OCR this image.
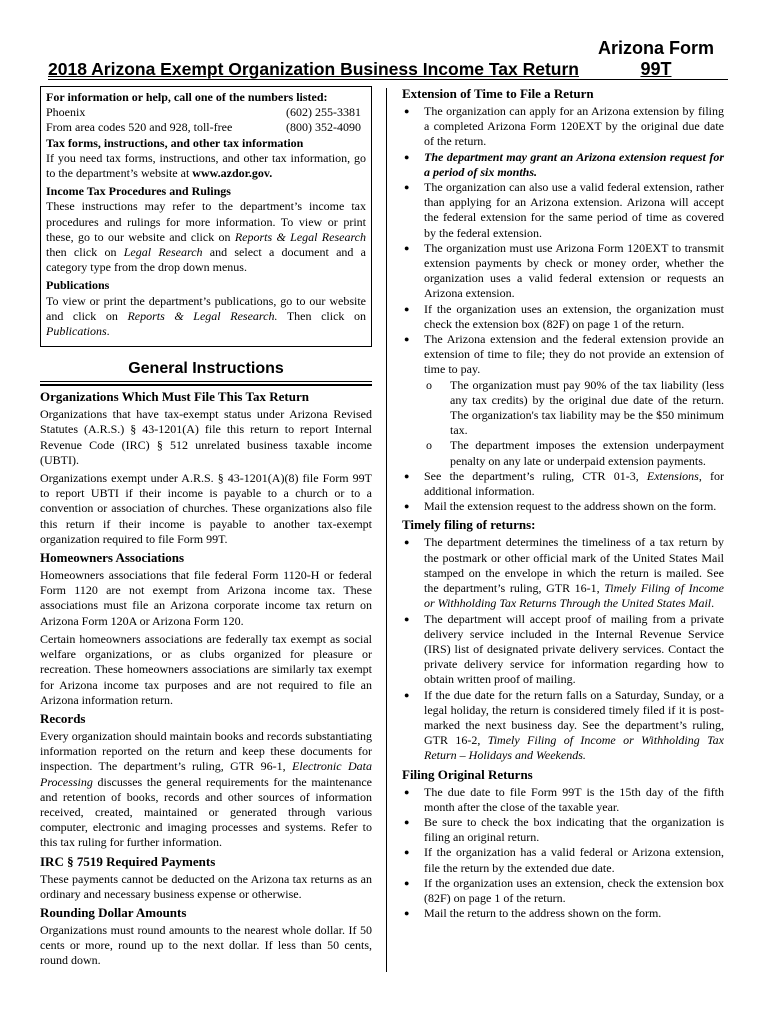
Arizona Form
99T
2018 Arizona Exempt Organization Business Income Tax Return

For information or help, call one of the numbers listed:

Phoenix	(602) 255-3381
From area codes 520 and 928, toll-free	(800) 352-4090

Tax forms, instructions, and other tax information

If you need tax forms, instructions, and other tax information, go to the department’s website at www.azdor.gov.

Income Tax Procedures and Rulings

These instructions may refer to the department’s income tax procedures and rulings for more information. To view or print these, go to our website and click on Reports & Legal Research then click on Legal Research and select a document and a category type from the drop down menus.

Publications

To view or print the department’s publications, go to our website and click on Reports & Legal Research. Then click on Publications.

General Instructions
Organizations Which Must File This Tax Return

Organizations that have tax-exempt status under Arizona Revised Statutes (A.R.S.) § 43-1201(A) file this return to report Internal Revenue Code (IRC) § 512 unrelated business taxable income (UBTI).

Organizations exempt under A.R.S. § 43-1201(A)(8) file Form 99T to report UBTI if their income is payable to a church or to a convention or association of churches. These organizations also file this return if their income is payable to another tax-exempt organization required to file Form 99T.

Homeowners Associations

Homeowners associations that file federal Form 1120-H or federal Form 1120 are not exempt from Arizona income tax. These associations must file an Arizona corporate income tax return on Arizona Form 120A or Arizona Form 120.

Certain homeowners associations are federally tax exempt as social welfare organizations, or as clubs organized for pleasure or recreation. These homeowners associations are similarly tax exempt for Arizona income tax purposes and are not required to file an Arizona information return.

Records

Every organization should maintain books and records substantiating information reported on the return and keep these documents for inspection. The department’s ruling, GTR 96-1, Electronic Data Processing discusses the general requirements for the maintenance and retention of books, records and other sources of information received, created, maintained or generated through various computer, electronic and imaging processes and systems. Refer to this tax ruling for further information.

IRC § 7519 Required Payments

These payments cannot be deducted on the Arizona tax returns as an ordinary and necessary business expense or otherwise.

Rounding Dollar Amounts

Organizations must round amounts to the nearest whole dollar. If 50 cents or more, round up to the next dollar. If less than 50 cents, round down.

Extension of Time to File a Return
● The organization can apply for an Arizona extension by filing a completed Arizona Form 120EXT by the original due date of the return.
● The department may grant an Arizona extension request for a period of six months.
● The organization can also use a valid federal extension, rather than applying for an Arizona extension. Arizona will accept the federal extension for the same period of time as covered by the federal extension.
● The organization must use Arizona Form 120EXT to transmit extension payments by check or money order, whether the organization uses a valid federal extension or requests an Arizona extension.
● If the organization uses an extension, the organization must check the extension box (82F) on page 1 of the return.
● The Arizona extension and the federal extension provide an extension of time to file; they do not provide an extension of time to pay.
o The organization must pay 90% of the tax liability (less any tax credits) by the original due date of the return. The organization's tax liability may be the $50 minimum tax.
o The department imposes the extension underpayment penalty on any late or underpaid extension payments.
● See the department’s ruling, CTR 01-3, Extensions, for additional information.
● Mail the extension request to the address shown on the form.
Timely filing of returns:
● The department determines the timeliness of a tax return by the postmark or other official mark of the United States Mail stamped on the envelope in which the return is mailed. See the department’s ruling, GTR 16-1, Timely Filing of Income or Withholding Tax Returns Through the United States Mail.
● The department will accept proof of mailing from a private delivery service included in the Internal Revenue Service (IRS) list of designated private delivery services. Contact the private delivery service for information regarding how to obtain written proof of mailing.
● If the due date for the return falls on a Saturday, Sunday, or a legal holiday, the return is considered timely filed if it is post-marked the next business day. See the department’s ruling, GTR 16-2, Timely Filing of Income or Withholding Tax Return – Holidays and Weekends.
Filing Original Returns
● The due date to file Form 99T is the 15th day of the fifth month after the close of the taxable year.
● Be sure to check the box indicating that the organization is filing an original return.
● If the organization has a valid federal or Arizona extension, file the return by the extended due date.
● If the organization uses an extension, check the extension box (82F) on page 1 of the return.
● Mail the return to the address shown on the form.
